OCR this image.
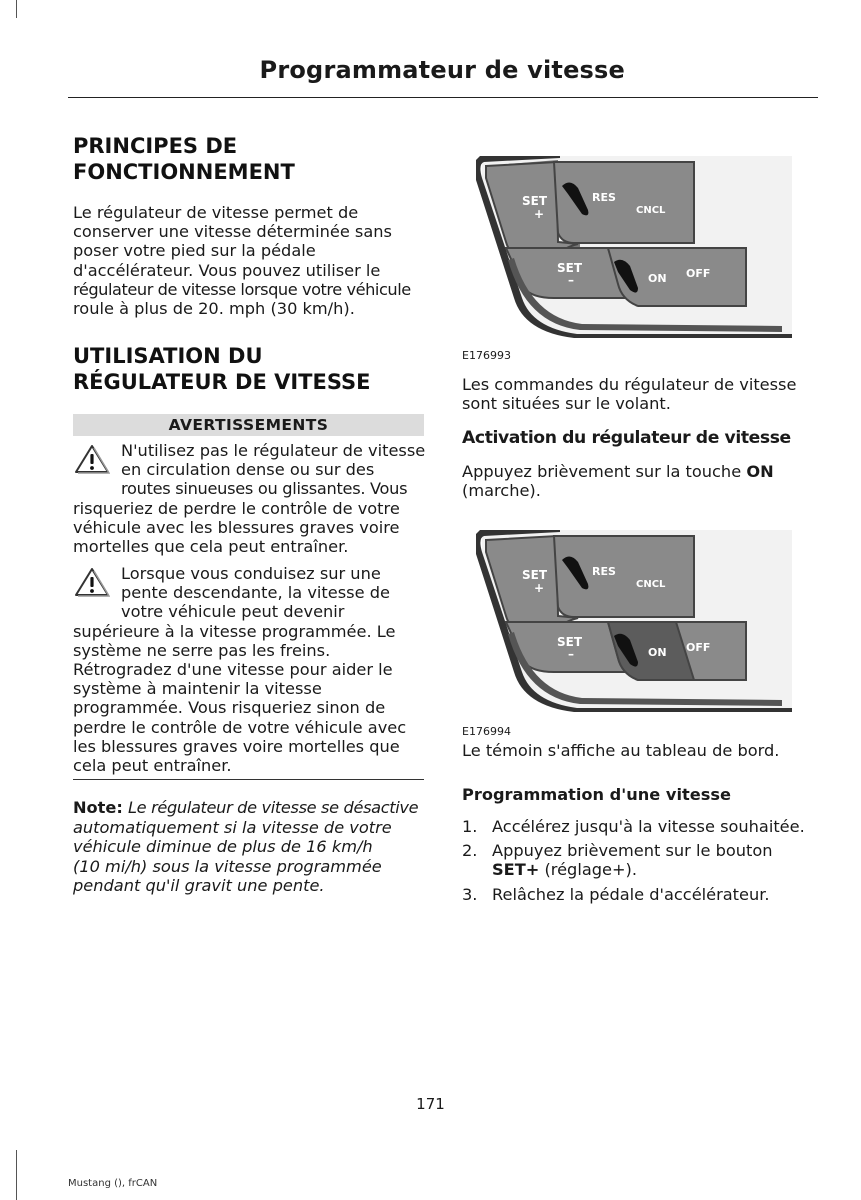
Programmateur de vitesse
PRINCIPES DE
FONCTIONNEMENT
Le régulateur de vitesse permet de
conserver une vitesse déterminée sans
poser votre pied sur la pédale
d'accélérateur. Vous pouvez utiliser le
régulateur de vitesse lorsque votre véhicule
roule à plus de 20. mph (30 km/h).
UTILISATION DU
RÉGULATEUR DE VITESSE
AVERTISSEMENTS
N'utilisez pas le régulateur de vitesse
en circulation dense ou sur des
routes sinueuses ou glissantes. Vous
risqueriez de perdre le contrôle de votre
véhicule avec les blessures graves voire
mortelles que cela peut entraîner.
Lorsque vous conduisez sur une
pente descendante, la vitesse de
votre véhicule peut devenir
supérieure à la vitesse programmée. Le
système ne serre pas les freins.
Rétrogradez d'une vitesse pour aider le
système à maintenir la vitesse
programmée. Vous risqueriez sinon de
perdre le contrôle de votre véhicule avec
les blessures graves voire mortelles que
cela peut entraîner.
Note: Le régulateur de vitesse se désactive
automatiquement si la vitesse de votre
véhicule diminue de plus de 16 km/h
(10 mi/h) sous la vitesse programmée
pendant qu'il gravit une pente.
SET
+
RES
CNCL
SET
–	ON OFF
E176993
Les commandes du régulateur de vitesse
sont situées sur le volant.
Activation du régulateur de vitesse
Appuyez brièvement sur la touche ON
(marche).
SET
+
RES
CNCL
SET
–	ON OFF
E176994
Le témoin s'affiche au tableau de bord.
Programmation d'une vitesse
1. Accélérez jusqu'à la vitesse souhaitée.
2. Appuyez brièvement sur le bouton
SET+ (réglage+).
3. Relâchez la pédale d'accélérateur.
171
Mustang (), frCAN
